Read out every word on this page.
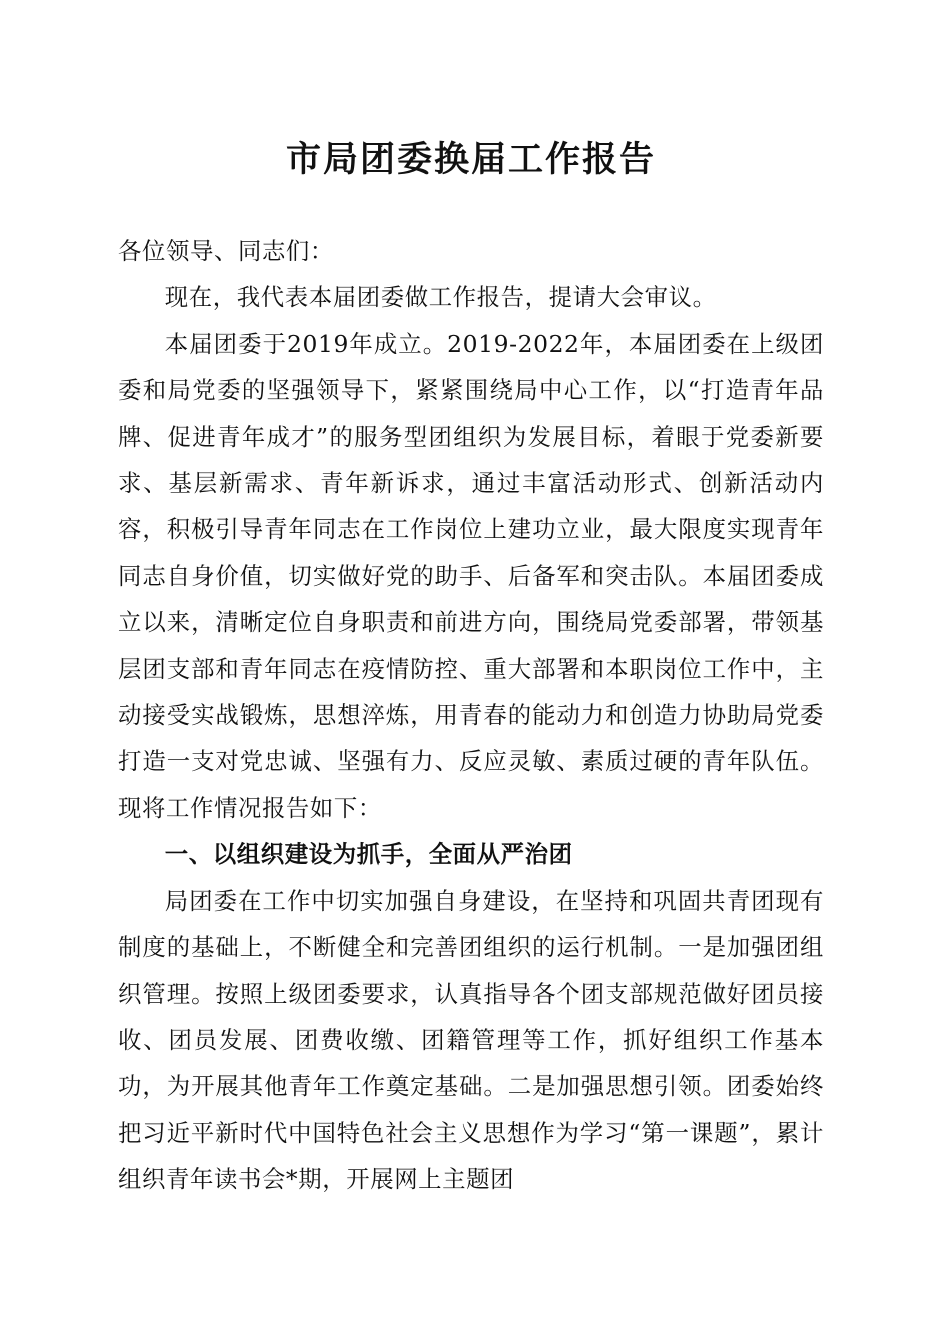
市局团委换届工作报告

各位领导、同志们：

现在，我代表本届团委做工作报告，提请大会审议。

本届团委于2019年成立。2019-2022年，本届团委在上级团委和局党委的坚强领导下，紧紧围绕局中心工作，以“打造青年品牌、促进青年成才”的服务型团组织为发展目标，着眼于党委新要求、基层新需求、青年新诉求，通过丰富活动形式、创新活动内容，积极引导青年同志在工作岗位上建功立业，最大限度实现青年同志自身价值，切实做好党的助手、后备军和突击队。本届团委成立以来，清晰定位自身职责和前进方向，围绕局党委部署，带领基层团支部和青年同志在疫情防控、重大部署和本职岗位工作中，主动接受实战锻炼，思想淬炼，用青春的能动力和创造力协助局党委打造一支对党忠诚、坚强有力、反应灵敏、素质过硬的青年队伍。现将工作情况报告如下：

一、以组织建设为抓手，全面从严治团

局团委在工作中切实加强自身建设，在坚持和巩固共青团现有制度的基础上，不断健全和完善团组织的运行机制。一是加强团组织管理。按照上级团委要求，认真指导各个团支部规范做好团员接收、团员发展、团费收缴、团籍管理等工作，抓好组织工作基本功，为开展其他青年工作奠定基础。二是加强思想引领。团委始终把习近平新时代中国特色社会主义思想作为学习“第一课题”，累计组织青年读书会*期，开展网上主题团
